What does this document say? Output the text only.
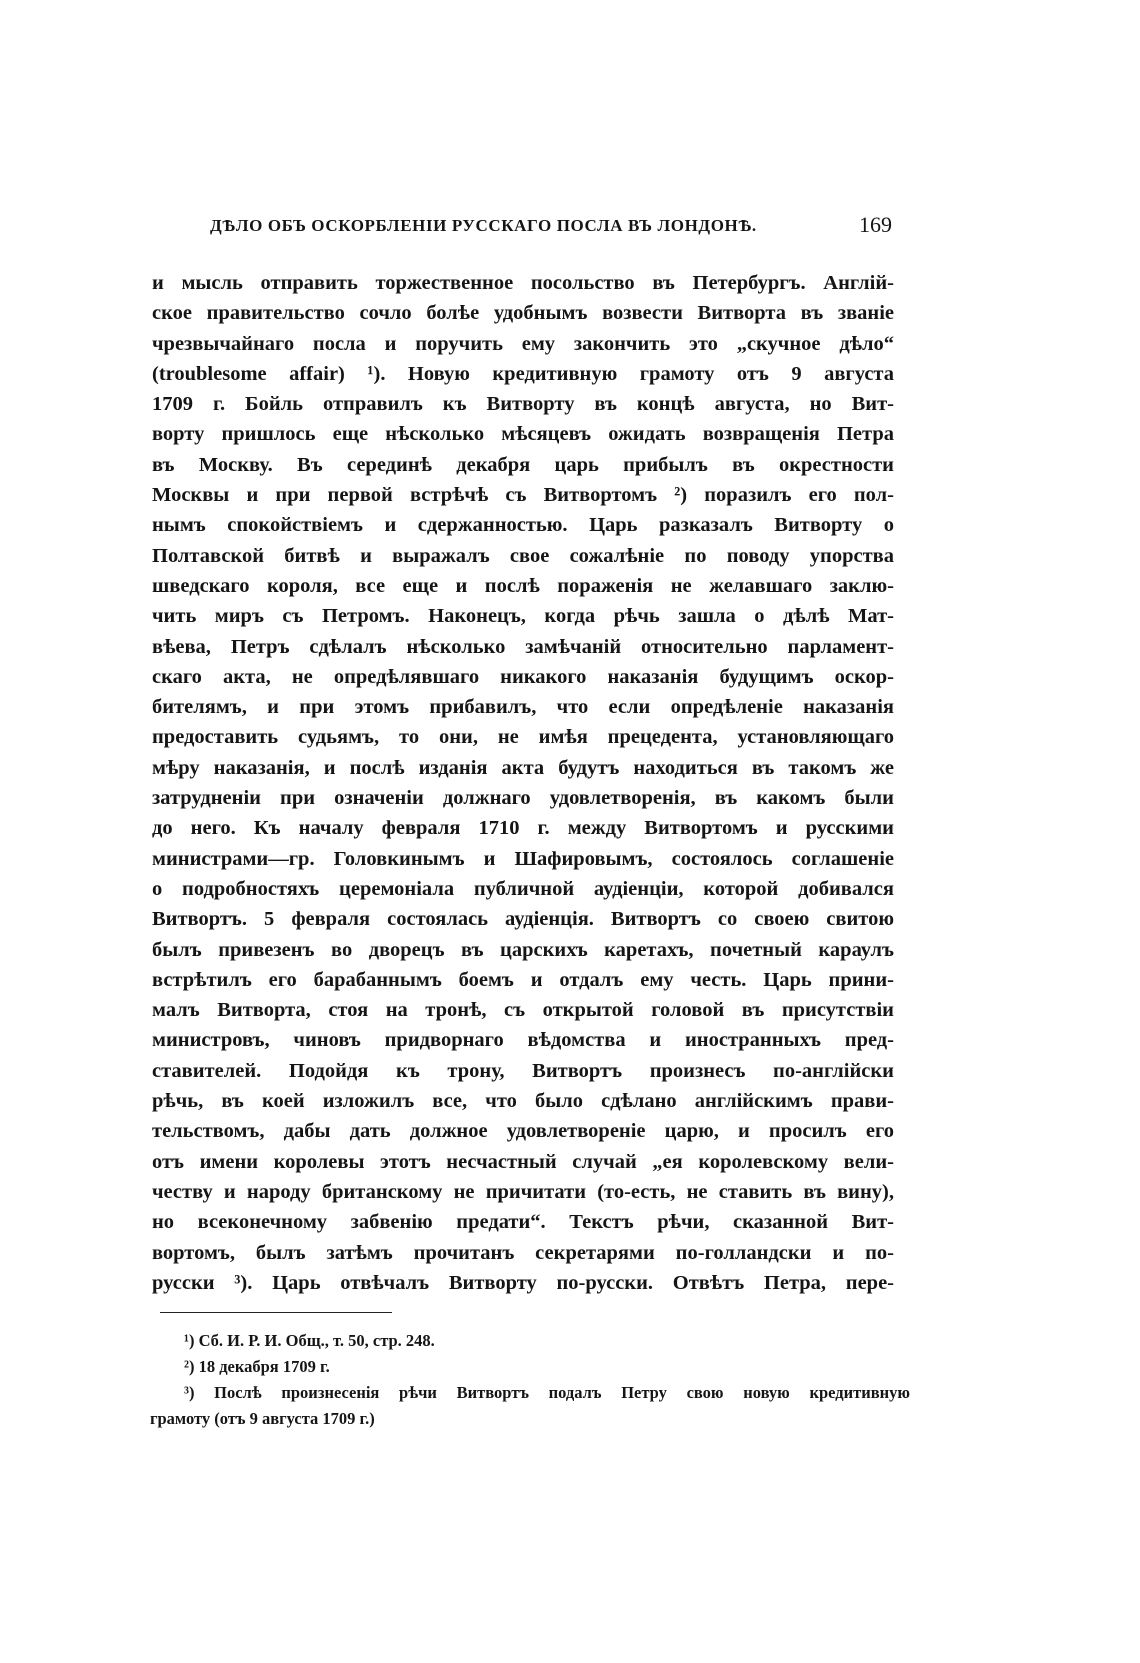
ДѢЛО ОБЪ ОСКОРБЛЕНІИ РУССКАГО ПОСЛА ВЪ ЛОНДОНѢ.	169
и мысль отправить торжественное посольство въ Петербургъ. Англій-
ское правительство сочло болѣе удобнымъ возвести Витворта въ званіе
чрезвычайнаго посла и поручить ему закончить это „скучное дѣло“
(troublesome affair) ¹). Новую кредитивную грамоту отъ 9 августа
1709 г. Бойль отправилъ къ Витворту въ концѣ августа, но Вит-
ворту пришлось еще нѣсколько мѣсяцевъ ожидать возвращенія Петра
въ Москву. Въ серединѣ декабря царь прибылъ въ окрестности
Москвы и при первой встрѣчѣ съ Витвортомъ ²) поразилъ его пол-
нымъ спокойствіемъ и сдержанностью. Царь разказалъ Витворту о
Полтавской битвѣ и выражалъ свое сожалѣніе по поводу упорства
шведскаго короля, все еще и послѣ пораженія не желавшаго заклю-
чить миръ съ Петромъ. Наконецъ, когда рѣчь зашла о дѣлѣ Мат-
вѣева, Петръ сдѣлалъ нѣсколько замѣчаній относительно парламент-
скаго акта, не опредѣлявшаго никакого наказанія будущимъ оскор-
бителямъ, и при этомъ прибавилъ, что если опредѣленіе наказанія
предоставить судьямъ, то они, не имѣя прецедента, установляющаго
мѣру наказанія, и послѣ изданія акта будутъ находиться въ такомъ же
затрудненіи при означеніи должнаго удовлетворенія, въ какомъ были
до него. Къ началу февраля 1710 г. между Витвортомъ и русскими
министрами—гр. Головкинымъ и Шафировымъ, состоялось соглашеніе
о подробностяхъ церемоніала публичной аудіенціи, которой добивался
Витвортъ. 5 февраля состоялась аудіенція. Витвортъ со своею свитою
былъ привезенъ во дворецъ въ царскихъ каретахъ, почетный караулъ
встрѣтилъ его барабаннымъ боемъ и отдалъ ему честь. Царь прини-
малъ Витворта, стоя на тронѣ, съ открытой головой въ присутствіи
министровъ, чиновъ придворнаго вѣдомства и иностранныхъ пред-
ставителей. Подойдя къ трону, Витвортъ произнесъ по-англійски
рѣчь, въ коей изложилъ все, что было сдѣлано англійскимъ прави-
тельствомъ, дабы дать должное удовлетвореніе царю, и просилъ его
отъ имени королевы этотъ несчастный случай „ея королевскому вели-
честву и народу британскому не причитати (то-есть, не ставить въ вину),
но всеконечному забвенію предати“. Текстъ рѣчи, сказанной Вит-
вортомъ, былъ затѣмъ прочитанъ секретарями по-голландски и по-
русски ³). Царь отвѣчалъ Витворту по-русски. Отвѣтъ Петра, пере-
¹) Сб. И. Р. И. Общ., т. 50, стр. 248.
²) 18 декабря 1709 г.
³) Послѣ произнесенія рѣчи Витвортъ подалъ Петру свою новую кредитивную
грамоту (отъ 9 августа 1709 г.)
